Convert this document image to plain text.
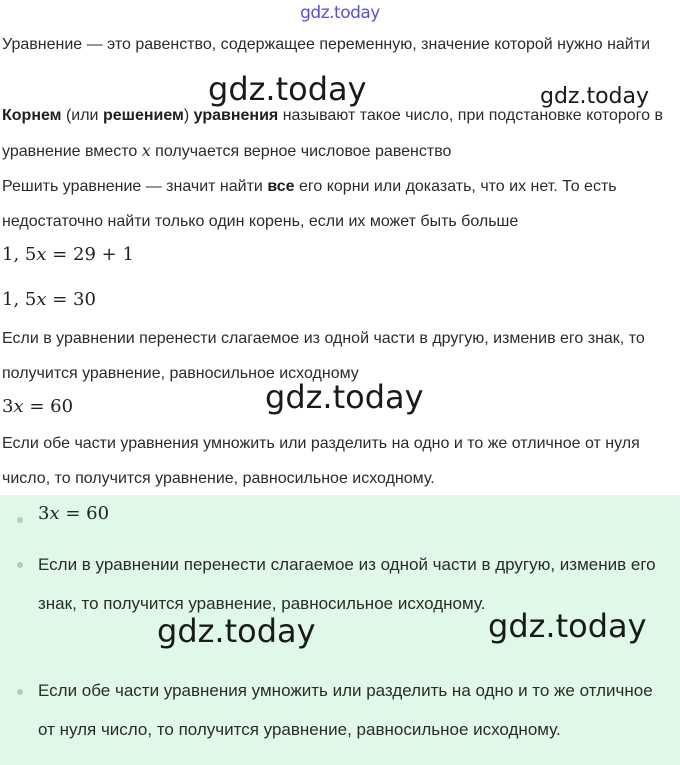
gdz.today
Уравнение — это равенство, содержащее переменную, значение которой нужно найти
Корнем (или решением) уравнения называют такое число, при подстановке которого в уравнение вместо x получается верное числовое равенство
Решить уравнение — значит найти все его корни или доказать, что их нет. То есть недостаточно найти только один корень, если их может быть больше
1, 5x = 29 + 1
1, 5x = 30
Если в уравнении перенести слагаемое из одной части в другую, изменив его знак, то получится уравнение, равносильное исходному
3x = 60
Если обе части уравнения умножить или разделить на одно и то же отличное от нуля число, то получится уравнение, равносильное исходному.
3x = 60
Если в уравнении перенести слагаемое из одной части в другую, изменив его знак, то получится уравнение, равносильное исходному.
Если обе части уравнения умножить или разделить на одно и то же отличное от нуля число, то получится уравнение, равносильное исходному.
gdz.today	gdz.today
gdz.today
gdz.today	gdz.today
